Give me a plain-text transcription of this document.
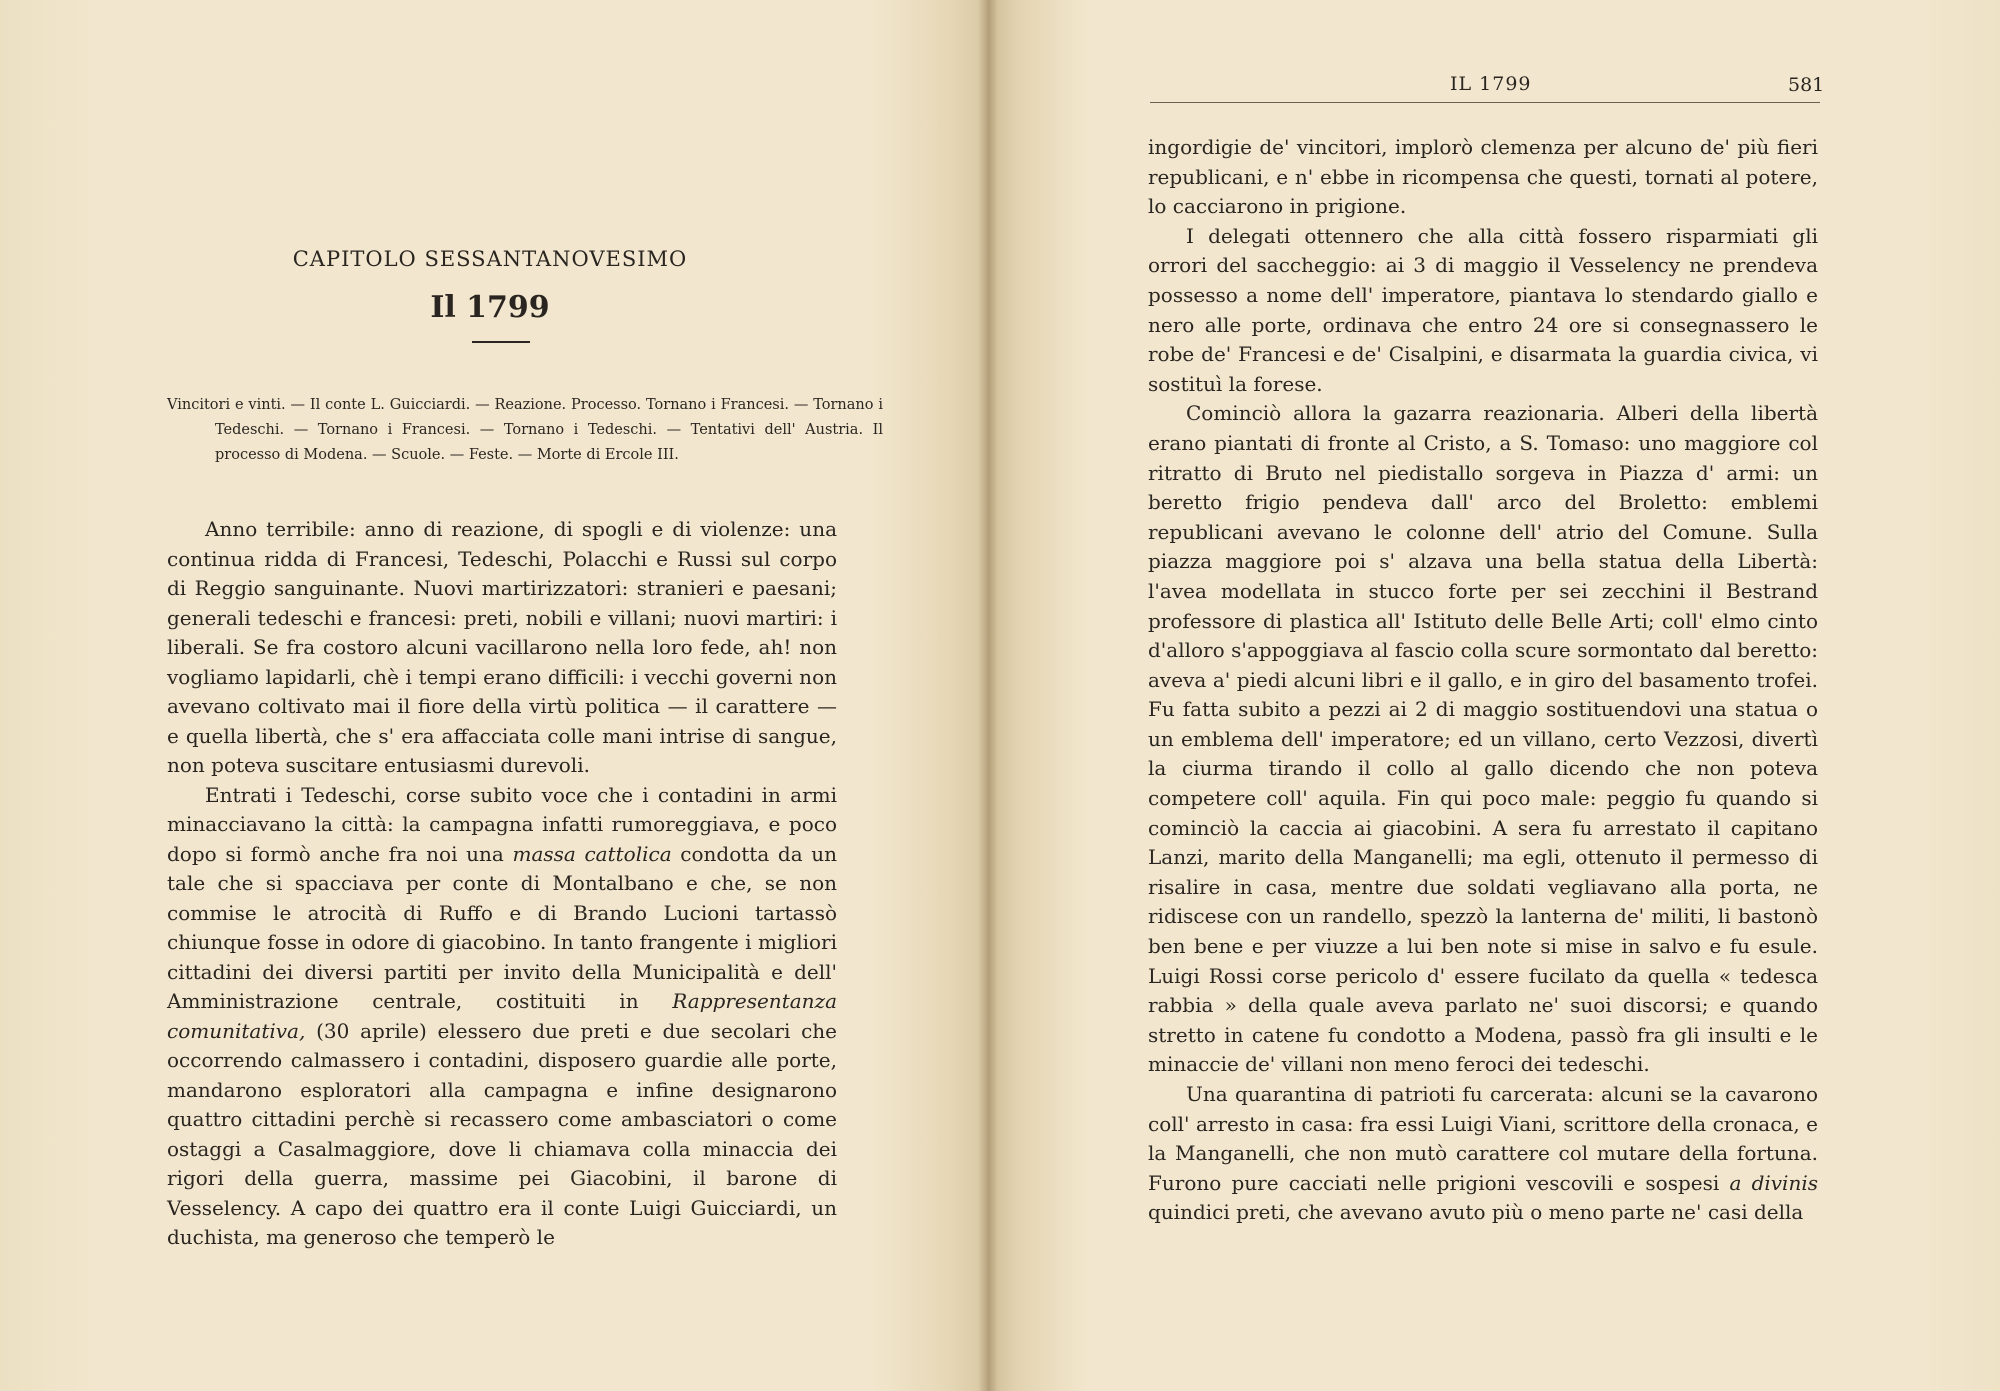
CAPITOLO SESSANTANOVESIMO
Il 1799
Vincitori e vinti. — Il conte L. Guicciardi. — Reazione. Processo. Tornano i Francesi. — Tornano i Tedeschi. — Tornano i Francesi. — Tornano i Tedeschi. — Tentativi dell' Austria. Il processo di Modena. — Scuole. — Feste. — Morte di Ercole III.

Anno terribile: anno di reazione, di spogli e di violenze: una continua ridda di Francesi, Tedeschi, Polacchi e Russi sul corpo di Reggio sanguinante. Nuovi martirizzatori: stranieri e paesani; generali tedeschi e francesi: preti, nobili e villani; nuovi martiri: i liberali. Se fra costoro alcuni vacillarono nella loro fede, ah! non vogliamo lapidarli, chè i tempi erano difficili: i vecchi governi non avevano coltivato mai il fiore della virtù politica — il carattere — e quella libertà, che s' era affacciata colle mani intrise di sangue, non poteva suscitare entusiasmi durevoli.

Entrati i Tedeschi, corse subito voce che i contadini in armi minacciavano la città: la campagna infatti rumoreggiava, e poco dopo si formò anche fra noi una massa cattolica condotta da un tale che si spacciava per conte di Montalbano e che, se non commise le atrocità di Ruffo e di Brando Lucioni tartassò chiunque fosse in odore di giacobino. In tanto frangente i migliori cittadini dei diversi partiti per invito della Municipalità e dell' Amministrazione centrale, costituiti in Rappresentanza comunitativa, (30 aprile) elessero due preti e due secolari che occorrendo calmassero i contadini, disposero guardie alle porte, mandarono esploratori alla campagna e infine designarono quattro cittadini perchè si recassero come ambasciatori o come ostaggi a Casalmaggiore, dove li chiamava colla minaccia dei rigori della guerra, massime pei Giacobini, il barone di Vesselency. A capo dei quattro era il conte Luigi Guicciardi, un duchista, ma generoso che temperò le

IL 1799	581

ingordigie de' vincitori, implorò clemenza per alcuno de' più fieri republicani, e n' ebbe in ricompensa che questi, tornati al potere, lo cacciarono in prigione.

I delegati ottennero che alla città fossero risparmiati gli orrori del saccheggio: ai 3 di maggio il Vesselency ne prendeva possesso a nome dell' imperatore, piantava lo stendardo giallo e nero alle porte, ordinava che entro 24 ore si consegnassero le robe de' Francesi e de' Cisalpini, e disarmata la guardia civica, vi sostituì la forese.

Cominciò allora la gazarra reazionaria. Alberi della libertà erano piantati di fronte al Cristo, a S. Tomaso: uno maggiore col ritratto di Bruto nel piedistallo sorgeva in Piazza d' armi: un beretto frigio pendeva dall' arco del Broletto: emblemi republicani avevano le colonne dell' atrio del Comune. Sulla piazza maggiore poi s' alzava una bella statua della Libertà: l'avea modellata in stucco forte per sei zecchini il Bestrand professore di plastica all' Istituto delle Belle Arti; coll' elmo cinto d'alloro s'appoggiava al fascio colla scure sormontato dal beretto: aveva a' piedi alcuni libri e il gallo, e in giro del basamento trofei. Fu fatta subito a pezzi ai 2 di maggio sostituendovi una statua o un emblema dell' imperatore; ed un villano, certo Vezzosi, divertì la ciurma tirando il collo al gallo dicendo che non poteva competere coll' aquila. Fin qui poco male: peggio fu quando si cominciò la caccia ai giacobini. A sera fu arrestato il capitano Lanzi, marito della Manganelli; ma egli, ottenuto il permesso di risalire in casa, mentre due soldati vegliavano alla porta, ne ridiscese con un randello, spezzò la lanterna de' militi, li bastonò ben bene e per viuzze a lui ben note si mise in salvo e fu esule. Luigi Rossi corse pericolo d' essere fucilato da quella « tedesca rabbia » della quale aveva parlato ne' suoi discorsi; e quando stretto in catene fu condotto a Modena, passò fra gli insulti e le minaccie de' villani non meno feroci dei tedeschi.

Una quarantina di patrioti fu carcerata: alcuni se la cavarono coll' arresto in casa: fra essi Luigi Viani, scrittore della cronaca, e la Manganelli, che non mutò carattere col mutare della fortuna. Furono pure cacciati nelle prigioni vescovili e sospesi a divinis quindici preti, che avevano avuto più o meno parte ne' casi della
